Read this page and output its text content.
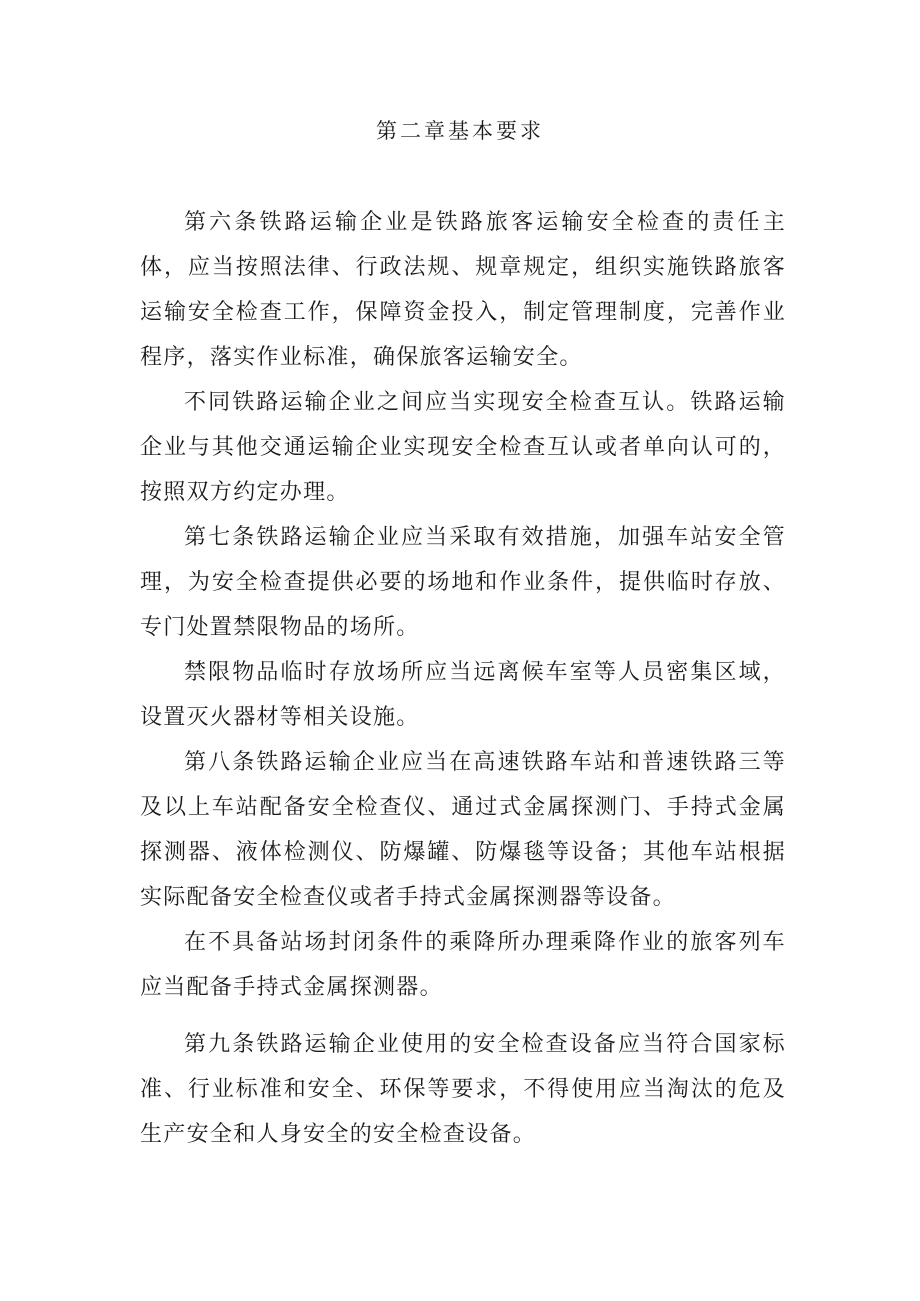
第二章基本要求

第六条铁路运输企业是铁路旅客运输安全检查的责任主体，应当按照法律、行政法规、规章规定，组织实施铁路旅客运输安全检查工作，保障资金投入，制定管理制度，完善作业程序，落实作业标准，确保旅客运输安全。

不同铁路运输企业之间应当实现安全检查互认。铁路运输企业与其他交通运输企业实现安全检查互认或者单向认可的，按照双方约定办理。

第七条铁路运输企业应当采取有效措施，加强车站安全管理，为安全检查提供必要的场地和作业条件，提供临时存放、专门处置禁限物品的场所。

禁限物品临时存放场所应当远离候车室等人员密集区域，设置灭火器材等相关设施。

第八条铁路运输企业应当在高速铁路车站和普速铁路三等及以上车站配备安全检查仪、通过式金属探测门、手持式金属探测器、液体检测仪、防爆罐、防爆毯等设备；其他车站根据实际配备安全检查仪或者手持式金属探测器等设备。

在不具备站场封闭条件的乘降所办理乘降作业的旅客列车应当配备手持式金属探测器。

第九条铁路运输企业使用的安全检查设备应当符合国家标准、行业标准和安全、环保等要求，不得使用应当淘汰的危及生产安全和人身安全的安全检查设备。
